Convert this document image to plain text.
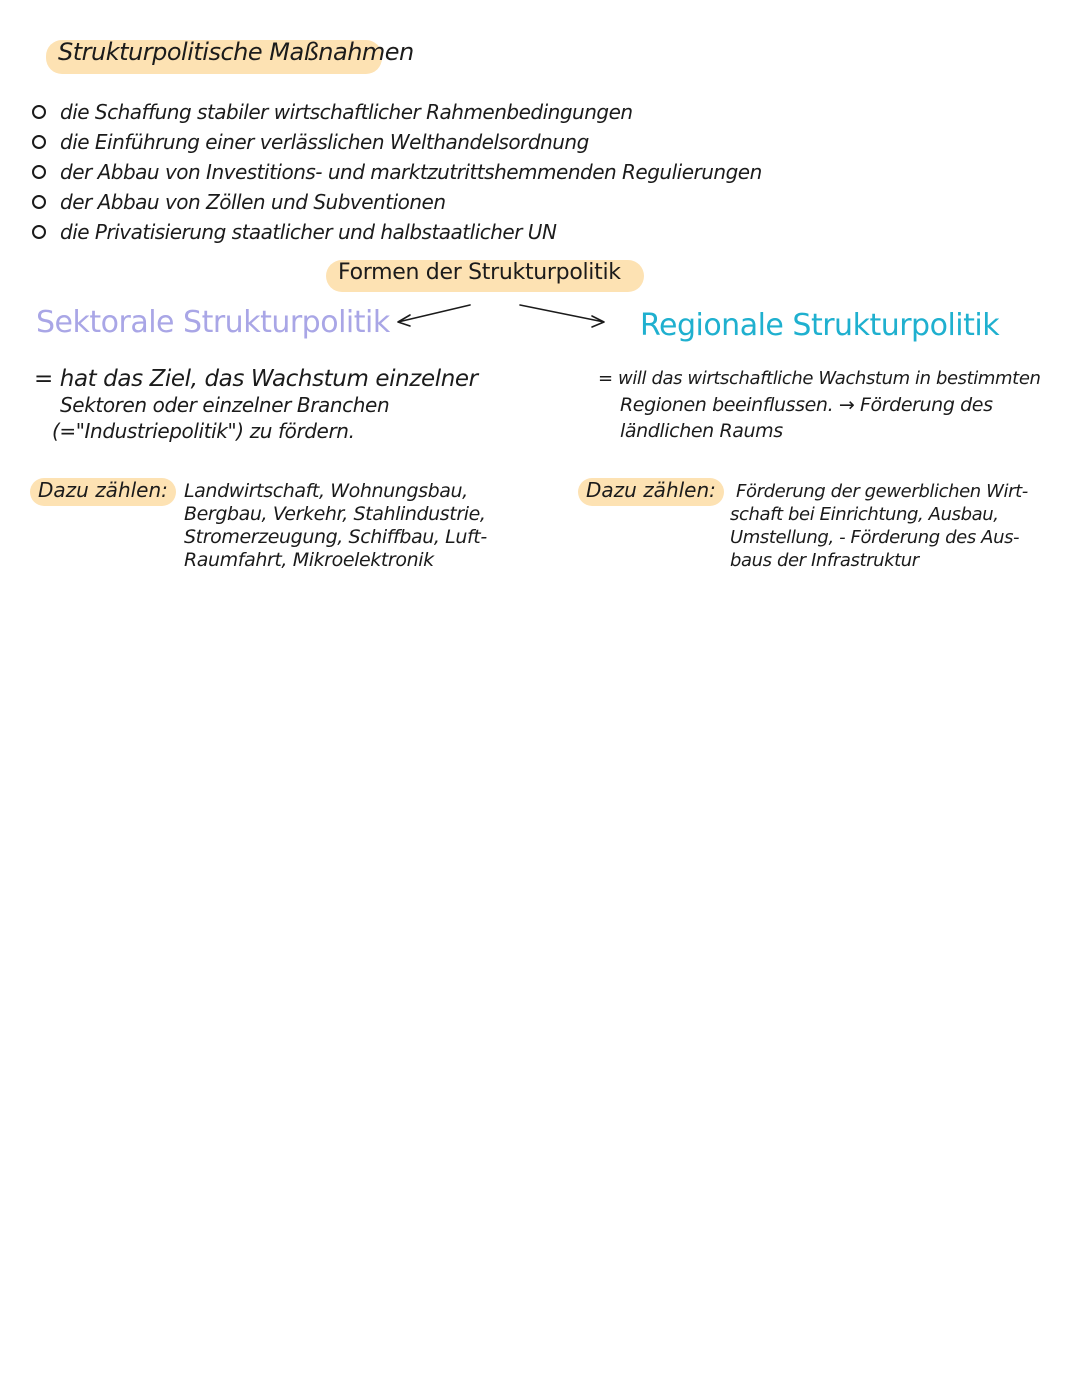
Strukturpolitische Maßnahmen
die Schaffung stabiler wirtschaftlicher Rahmenbedingungen
die Einführung einer verlässlichen Welthandelsordnung
der Abbau von Investitions- und marktzutrittshemmenden Regulierungen
der Abbau von Zöllen und Subventionen
die Privatisierung staatlicher und halbstaatlicher UN
Formen der Strukturpolitik
Sektorale Strukturpolitik
= hat das Ziel, das Wachstum einzelner
Sektoren oder einzelner Branchen
(="Industriepolitik") zu fördern.
Dazu zählen: Landwirtschaft, Wohnungsbau,
Bergbau, Verkehr, Stahlindustrie,
Stromerzeugung, Schiffbau, Luft-
Raumfahrt, Mikroelektronik
Regionale Strukturpolitik
= will das wirtschaftliche Wachstum in bestimmten
Regionen beeinflussen. → Förderung des
ländlichen Raums
Dazu zählen:	Förderung der gewerblichen Wirt-
schaft bei Einrichtung, Ausbau,
Umstellung, - Förderung des Aus-
baus der Infrastruktur
